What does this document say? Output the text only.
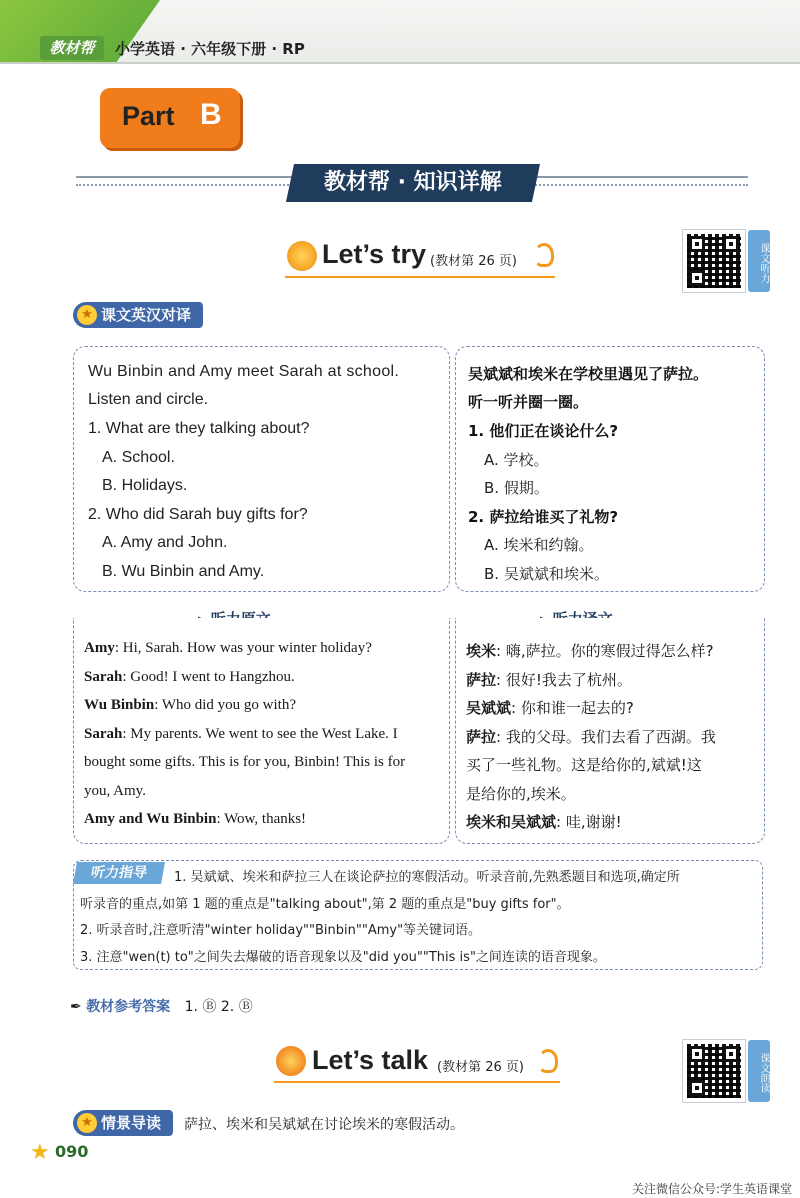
教材帮	小学英语 · 六年级下册 · RP
Part B
教材帮 · 知识详解
Let’s try (教材第 26 页)	课文听力
★ 课文英汉对译
Wu Binbin and Amy meet Sarah at school.
Listen and circle.
1. What are they talking about?
A. School.
B. Holidays.
2. Who did Sarah buy gifts for?
A. Amy and John.
B. Wu Binbin and Amy.
吴斌斌和埃米在学校里遇见了萨拉。
听一听并圈一圈。
1. 他们正在谈论什么?
A. 学校。
B. 假期。
2. 萨拉给谁买了礼物?
A. 埃米和约翰。
B. 吴斌斌和埃米。
Amy: Hi, Sarah. How was your winter holiday?
Sarah: Good! I went to Hangzhou.
Wu Binbin: Who did you go with?
Sarah: My parents. We went to see the West Lake. I
bought some gifts. This is for you, Binbin! This is for
you, Amy.
Amy and Wu Binbin: Wow, thanks!
埃米: 嗨,萨拉。你的寒假过得怎么样?
萨拉: 很好!我去了杭州。
吴斌斌: 你和谁一起去的?
萨拉: 我的父母。我们去看了西湖。我
买了一些礼物。这是给你的,斌斌!这
是给你的,埃米。
埃米和吴斌斌: 哇,谢谢!
听力指导	1. 吴斌斌、埃米和萨拉三人在谈论萨拉的寒假活动。听录音前,先熟悉题目和选项,确定所
听录音的重点,如第 1 题的重点是"talking about",第 2 题的重点是"buy gifts for"。
2. 听录音时,注意听清"winter holiday""Binbin""Amy"等关键词语。
3. 注意"wen(t) to"之间失去爆破的语音现象以及"did you""This is"之间连读的语音现象。
✒ 教材参考答案 1. Ⓑ 2. Ⓑ
Let’s talk (教材第 26 页)	课文朗读
★ 情景导读	萨拉、埃米和吴斌斌在讨论埃米的寒假活动。
★ 090
关注微信公众号:学生英语课堂
